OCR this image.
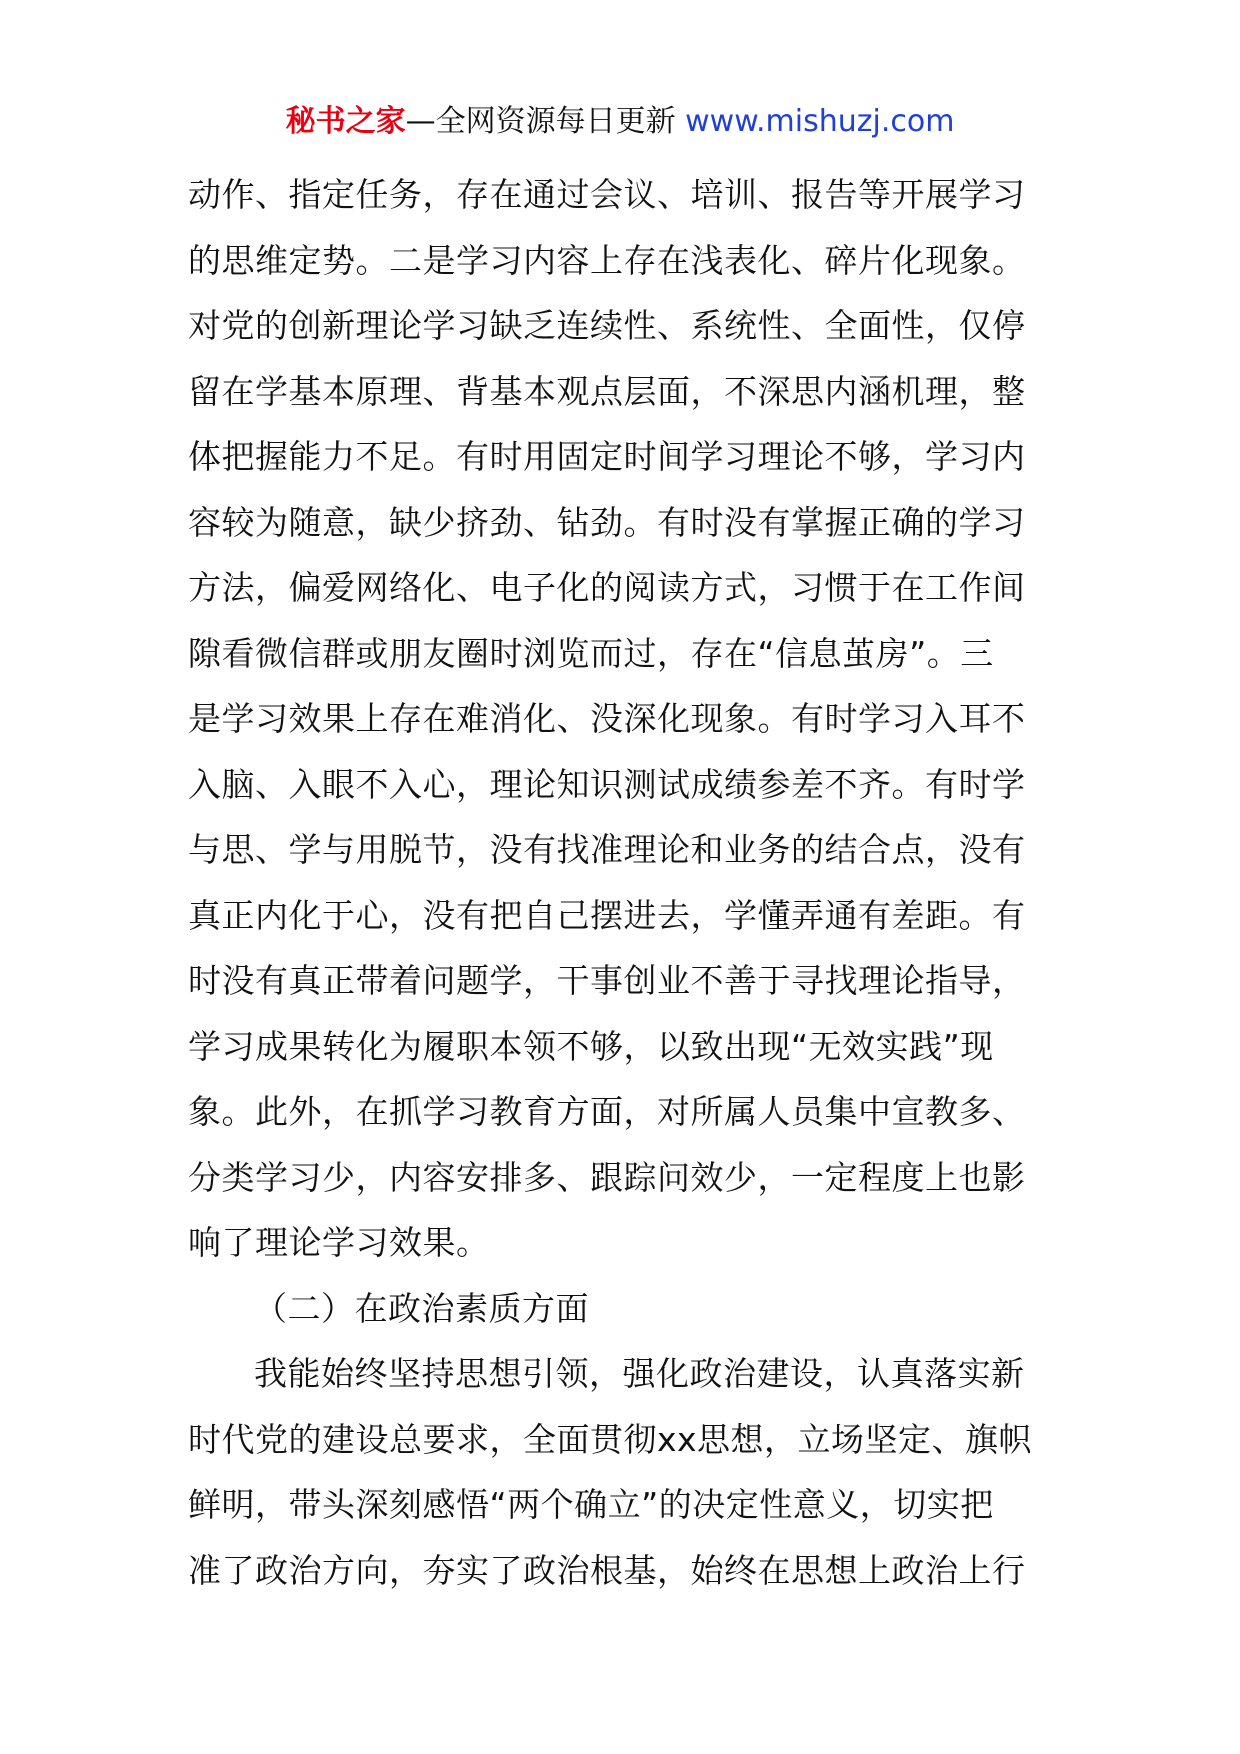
秘书之家—全网资源每日更新 www.mishuzj.com
动作、指定任务，存在通过会议、培训、报告等开展学习
的思维定势。二是学习内容上存在浅表化、碎片化现象。
对党的创新理论学习缺乏连续性、系统性、全面性，仅停
留在学基本原理、背基本观点层面，不深思内涵机理，整
体把握能力不足。有时用固定时间学习理论不够，学习内
容较为随意，缺少挤劲、钻劲。有时没有掌握正确的学习
方法，偏爱网络化、电子化的阅读方式，习惯于在工作间
隙看微信群或朋友圈时浏览而过，存在“信息茧房”。三
是学习效果上存在难消化、没深化现象。有时学习入耳不
入脑、入眼不入心，理论知识测试成绩参差不齐。有时学
与思、学与用脱节，没有找准理论和业务的结合点，没有
真正内化于心，没有把自己摆进去，学懂弄通有差距。有
时没有真正带着问题学，干事创业不善于寻找理论指导，
学习成果转化为履职本领不够，以致出现“无效实践”现
象。此外，在抓学习教育方面，对所属人员集中宣教多、
分类学习少，内容安排多、跟踪问效少，一定程度上也影
响了理论学习效果。
（二）在政治素质方面
我能始终坚持思想引领，强化政治建设，认真落实新
时代党的建设总要求，全面贯彻xx思想，立场坚定、旗帜
鲜明，带头深刻感悟“两个确立”的决定性意义，切实把
准了政治方向，夯实了政治根基，始终在思想上政治上行
